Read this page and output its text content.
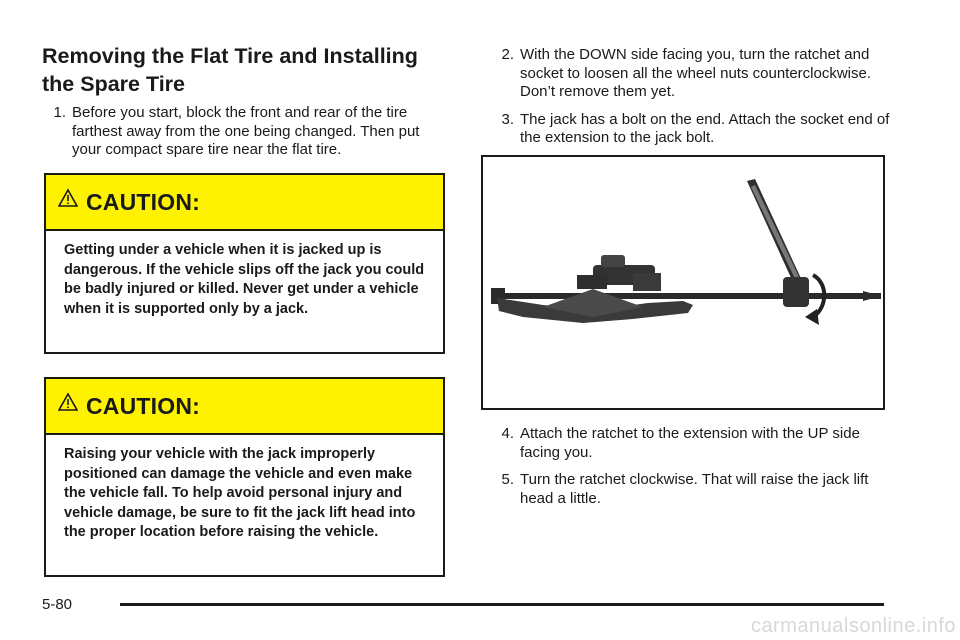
Removing the Flat Tire and Installing
the Spare Tire
1. Before you start, block the front and rear of the tire farthest away from the one being changed. Then put your compact spare tire near the flat tire.
CAUTION:
Getting under a vehicle when it is jacked up is dangerous. If the vehicle slips off the jack you could be badly injured or killed. Never get under a vehicle when it is supported only by a jack.
CAUTION:
Raising your vehicle with the jack improperly positioned can damage the vehicle and even make the vehicle fall. To help avoid personal injury and vehicle damage, be sure to fit the jack lift head into the proper location before raising the vehicle.
2. With the DOWN side facing you, turn the ratchet and socket to loosen all the wheel nuts counterclockwise. Don’t remove them yet.
3. The jack has a bolt on the end. Attach the socket end of the extension to the jack bolt.
4. Attach the ratchet to the extension with the UP side facing you.
5. Turn the ratchet clockwise. That will raise the jack lift head a little.
5-80
carmanualsonline.info
